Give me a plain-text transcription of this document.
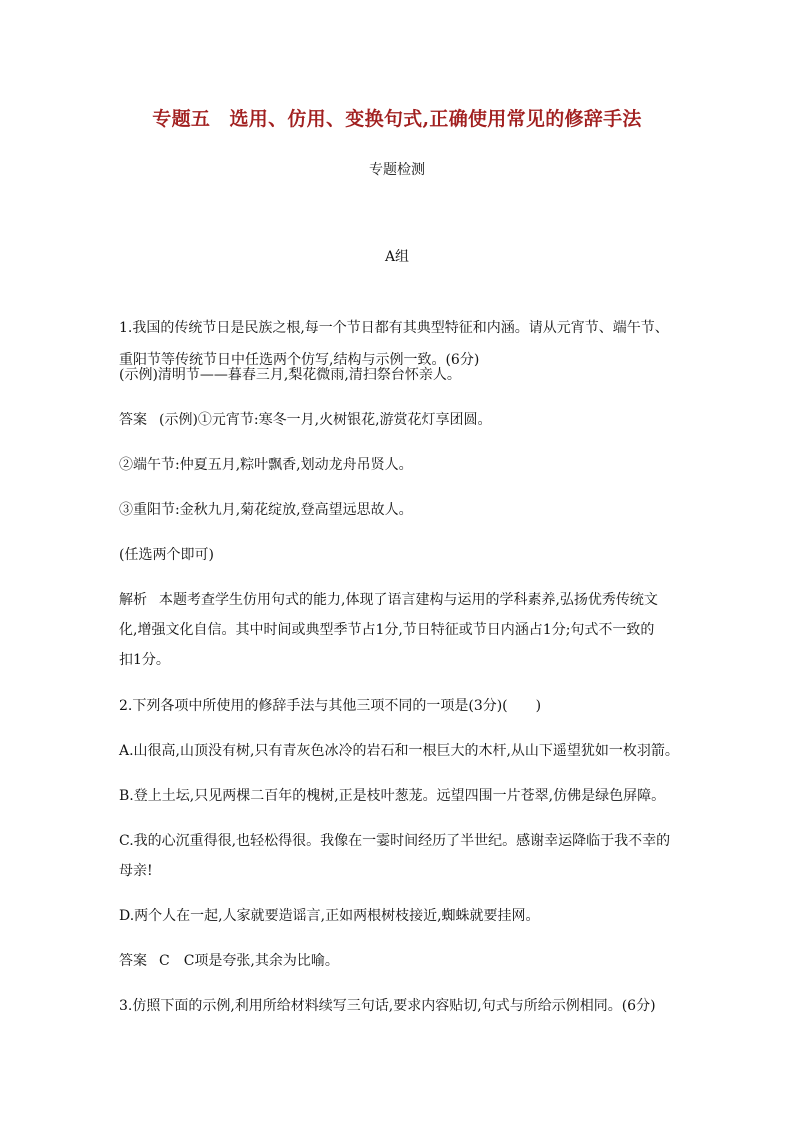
专题五　选用、仿用、变换句式,正确使用常见的修辞手法
专题检测
A组
1.我国的传统节日是民族之根,每一个节日都有其典型特征和内涵。请从元宵节、端午节、
重阳节等传统节日中任选两个仿写,结构与示例一致。(6分)
(示例)清明节——暮春三月,梨花微雨,清扫祭台怀亲人。
答案 (示例)①元宵节:寒冬一月,火树银花,游赏花灯享团圆。
②端午节:仲夏五月,粽叶飘香,划动龙舟吊贤人。
③重阳节:金秋九月,菊花绽放,登高望远思故人。
(任选两个即可)
解析 本题考查学生仿用句式的能力,体现了语言建构与运用的学科素养,弘扬优秀传统文
化,增强文化自信。其中时间或典型季节占1分,节日特征或节日内涵占1分;句式不一致的
扣1分。
2.下列各项中所使用的修辞手法与其他三项不同的一项是(3分)(　　)
A.山很高,山顶没有树,只有青灰色冰冷的岩石和一根巨大的木杆,从山下遥望犹如一枚羽箭。
B.登上土坛,只见两棵二百年的槐树,正是枝叶葱茏。远望四围一片苍翠,仿佛是绿色屏障。
C.我的心沉重得很,也轻松得很。我像在一霎时间经历了半世纪。感谢幸运降临于我不幸的
母亲!
D.两个人在一起,人家就要造谣言,正如两根树枝接近,蜘蛛就要挂网。
答案 C　C项是夸张,其余为比喻。
3.仿照下面的示例,利用所给材料续写三句话,要求内容贴切,句式与所给示例相同。(6分)
